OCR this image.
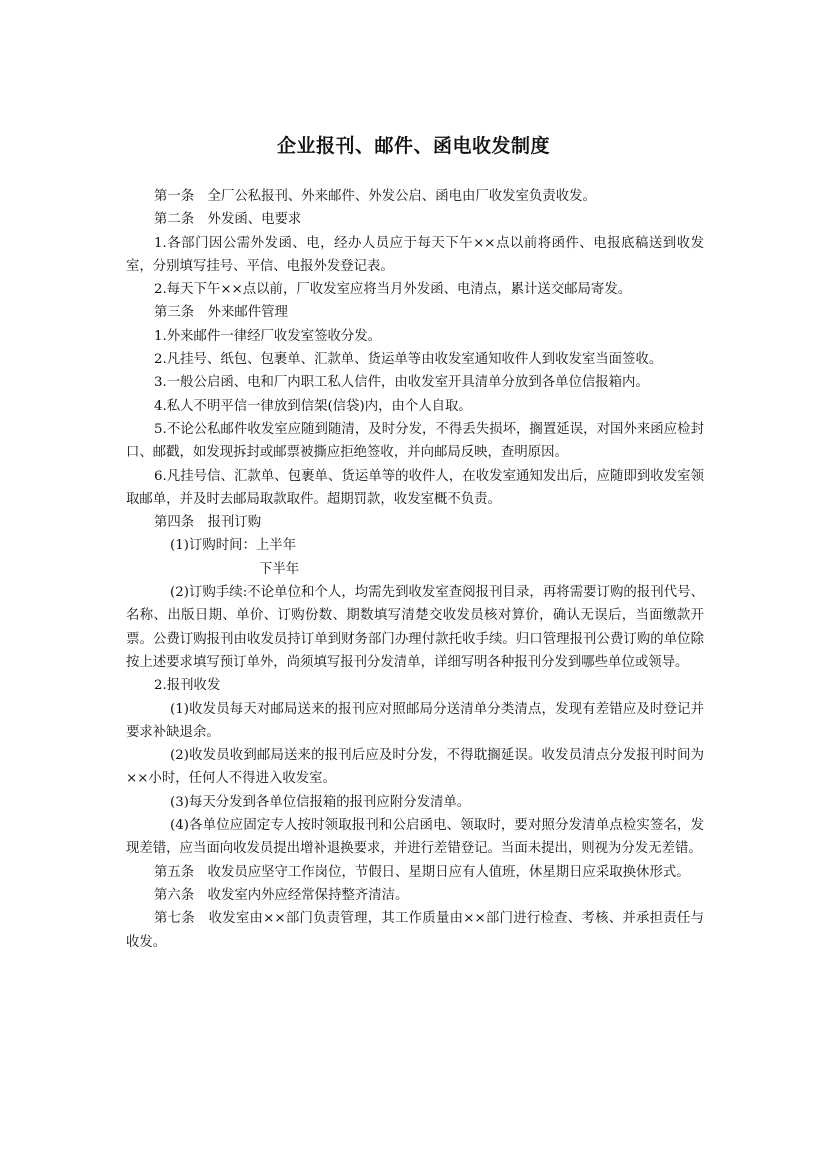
企业报刊、邮件、函电收发制度

第一条　全厂公私报刊、外来邮件、外发公启、函电由厂收发室负责收发。

第二条　外发函、电要求

1.各部门因公需外发函、电，经办人员应于每天下午××点以前将函件、电报底稿送到收发室，分别填写挂号、平信、电报外发登记表。

2.每天下午××点以前，厂收发室应将当月外发函、电清点，累计送交邮局寄发。

第三条　外来邮件管理

1.外来邮件一律经厂收发室签收分发。

2.凡挂号、纸包、包裹单、汇款单、货运单等由收发室通知收件人到收发室当面签收。

3.一般公启函、电和厂内职工私人信件，由收发室开具清单分放到各单位信报箱内。

4.私人不明平信一律放到信架(信袋)内，由个人自取。

5.不论公私邮件收发室应随到随清，及时分发，不得丢失损坏，搁置延误，对国外来函应检封口、邮戳，如发现拆封或邮票被撕应拒绝签收，并向邮局反映，查明原因。

6.凡挂号信、汇款单、包裹单、货运单等的收件人，在收发室通知发出后，应随即到收发室领取邮单，并及时去邮局取款取件。超期罚款，收发室概不负责。

第四条　报刊订购

(1)订购时间：上半年

下半年

(2)订购手续:不论单位和个人，均需先到收发室查阅报刊目录，再将需要订购的报刊代号、名称、出版日期、单价、订购份数、期数填写清楚交收发员核对算价，确认无误后，当面缴款开票。公费订购报刊由收发员持订单到财务部门办理付款托收手续。归口管理报刊公费订购的单位除按上述要求填写预订单外，尚须填写报刊分发清单，详细写明各种报刊分发到哪些单位或领导。

2.报刊收发

(1)收发员每天对邮局送来的报刊应对照邮局分送清单分类清点，发现有差错应及时登记并要求补缺退余。

(2)收发员收到邮局送来的报刊后应及时分发，不得耽搁延误。收发员清点分发报刊时间为××小时，任何人不得进入收发室。

(3)每天分发到各单位信报箱的报刊应附分发清单。

(4)各单位应固定专人按时领取报刊和公启函电、领取时，要对照分发清单点检实签名，发现差错，应当面向收发员提出增补退换要求，并进行差错登记。当面未提出，则视为分发无差错。

第五条　收发员应坚守工作岗位，节假日、星期日应有人值班，休星期日应采取换休形式。

第六条　收发室内外应经常保持整齐清洁。

第七条　收发室由××部门负责管理，其工作质量由××部门进行检查、考核、并承担责任与收发。
